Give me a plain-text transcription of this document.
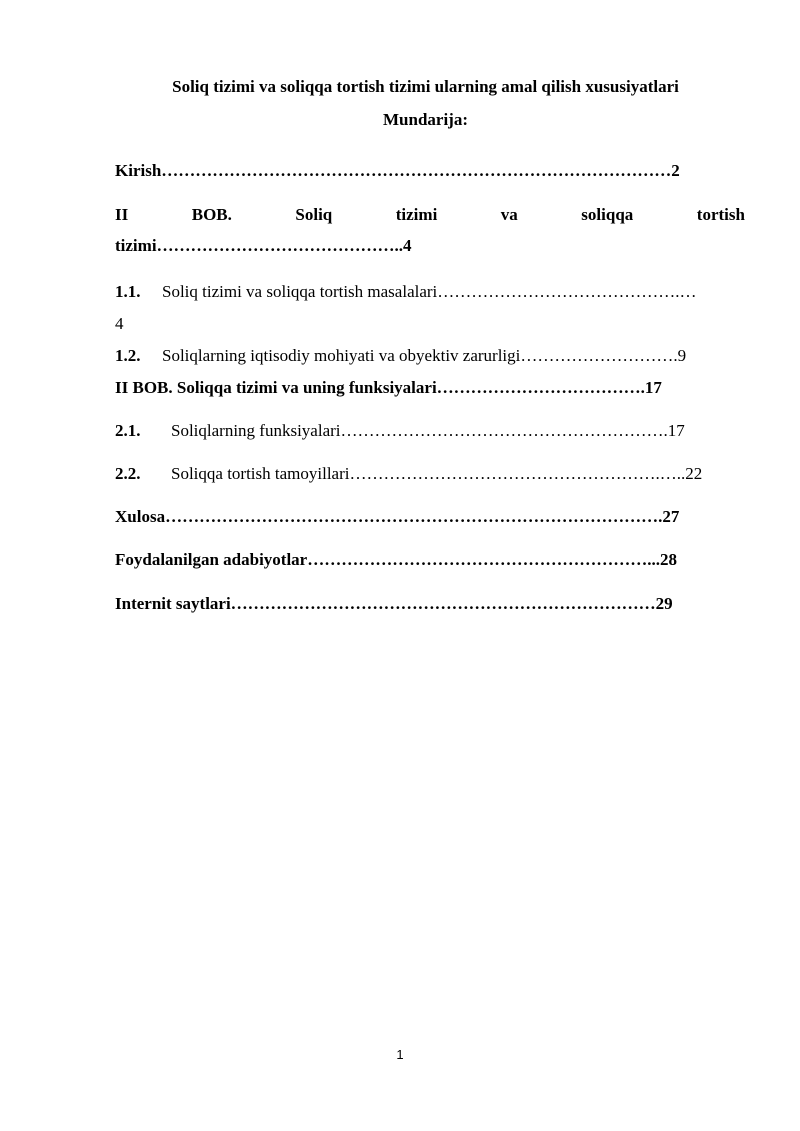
Soliq tizimi va soliqqa tortish tizimi ularning amal qilish xususiyatlari

Mundarija:

Kirish………………………………………………………………………………2
II	BOB.	Soliq	tizimi	va	soliqqa	tortish
tizimi……………………………………..4
1.1. Soliq tizimi va soliqqa tortish masalalari…………………………………….…
4
1.2. Soliqlarning iqtisodiy mohiyati va obyektiv zarurligi……………………….9
II BOB. Soliqqa tizimi va uning funksiyalari……………………………….17
2.1. Soliqlarning funksiyalari………………………………………………….17
2.2. Soliqqa tortish tamoyillari……………………………………………….…..22
Xulosa…………………………………………………………………………….27
Foydalanilgan adabiyotlar……………………………………………………...28
Internit saytlari…………………………………………………………………29
1
